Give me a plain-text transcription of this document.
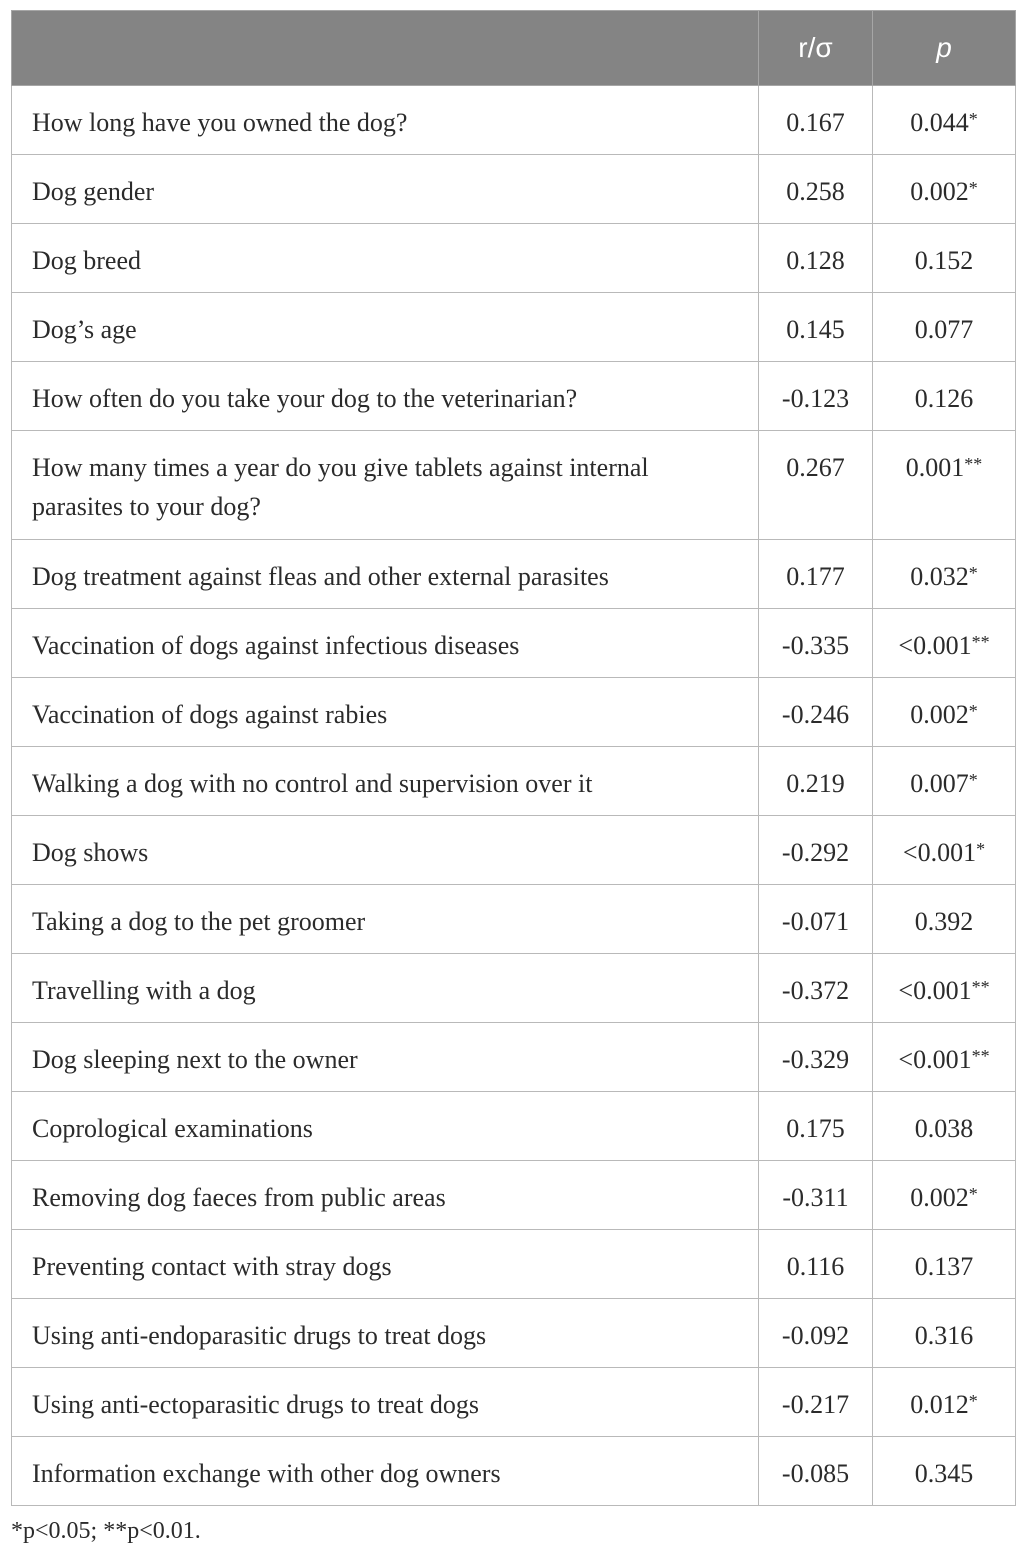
	r/σ	p
How long have you owned the dog?	0.167	0.044*
Dog gender	0.258	0.002*
Dog breed	0.128	0.152
Dog’s age	0.145	0.077
How often do you take your dog to the veterinarian?	-0.123	0.126
How many times a year do you give tablets against internal parasites to your dog?	0.267	0.001**
Dog treatment against fleas and other external parasites	0.177	0.032*
Vaccination of dogs against infectious diseases	-0.335	<0.001**
Vaccination of dogs against rabies	-0.246	0.002*
Walking a dog with no control and supervision over it	0.219	0.007*
Dog shows	-0.292	<0.001*
Taking a dog to the pet groomer	-0.071	0.392
Travelling with a dog	-0.372	<0.001**
Dog sleeping next to the owner	-0.329	<0.001**
Coprological examinations	0.175	0.038
Removing dog faeces from public areas	-0.311	0.002*
Preventing contact with stray dogs	0.116	0.137
Using anti-endoparasitic drugs to treat dogs	-0.092	0.316
Using anti-ectoparasitic drugs to treat dogs	-0.217	0.012*
Information exchange with other dog owners	-0.085	0.345
*p<0.05; **p<0.01.
